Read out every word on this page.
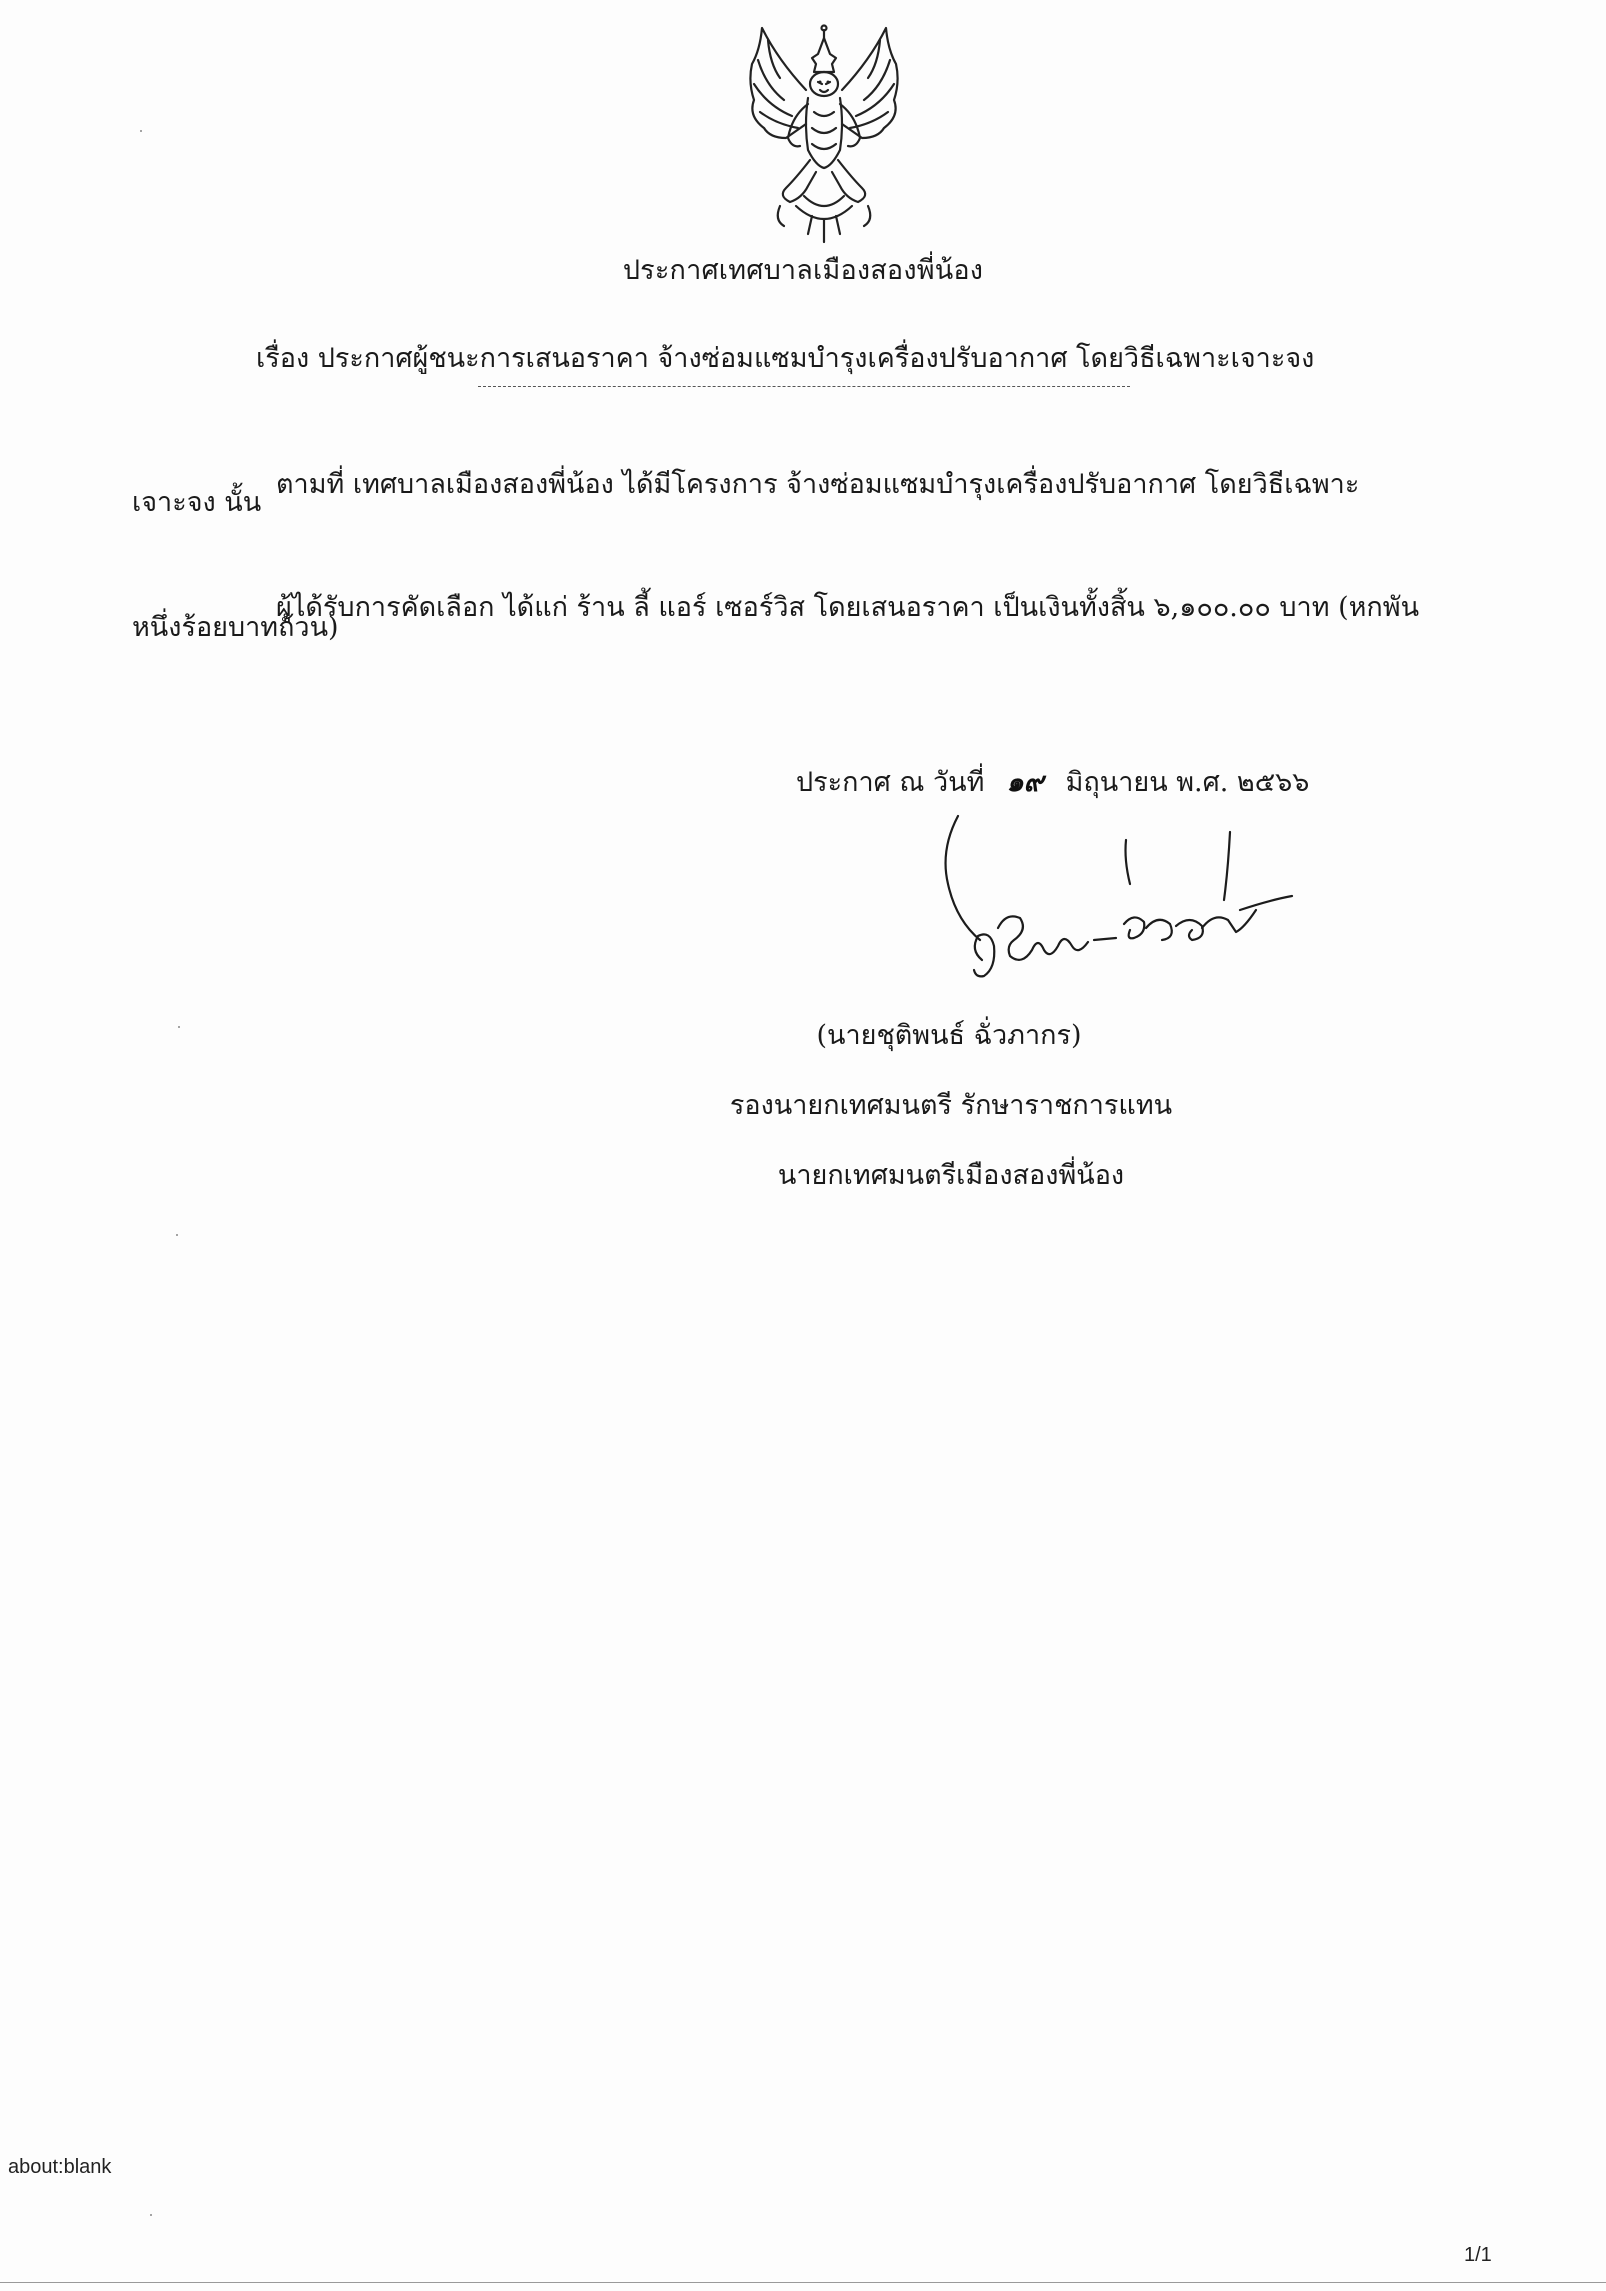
ประกาศเทศบาลเมืองสองพี่น้อง
เรื่อง ประกาศผู้ชนะการเสนอราคา จ้างซ่อมแซมบำรุงเครื่องปรับอากาศ โดยวิธีเฉพาะเจาะจง
ตามที่ เทศบาลเมืองสองพี่น้อง ได้มีโครงการ จ้างซ่อมแซมบำรุงเครื่องปรับอากาศ โดยวิธีเฉพาะ
เจาะจง นั้น
ผู้ได้รับการคัดเลือก ได้แก่ ร้าน ลี้ แอร์ เซอร์วิส โดยเสนอราคา เป็นเงินทั้งสิ้น ๖,๑๐๐.๐๐ บาท (หกพัน
หนึ่งร้อยบาทถ้วน)
ประกาศ ณ วันที่ ๑๙ มิถุนายน พ.ศ. ๒๕๖๖
(นายชุติพนธ์ ฉั่วภากร)
รองนายกเทศมนตรี รักษาราชการแทน
นายกเทศมนตรีเมืองสองพี่น้อง
about:blank
1/1
